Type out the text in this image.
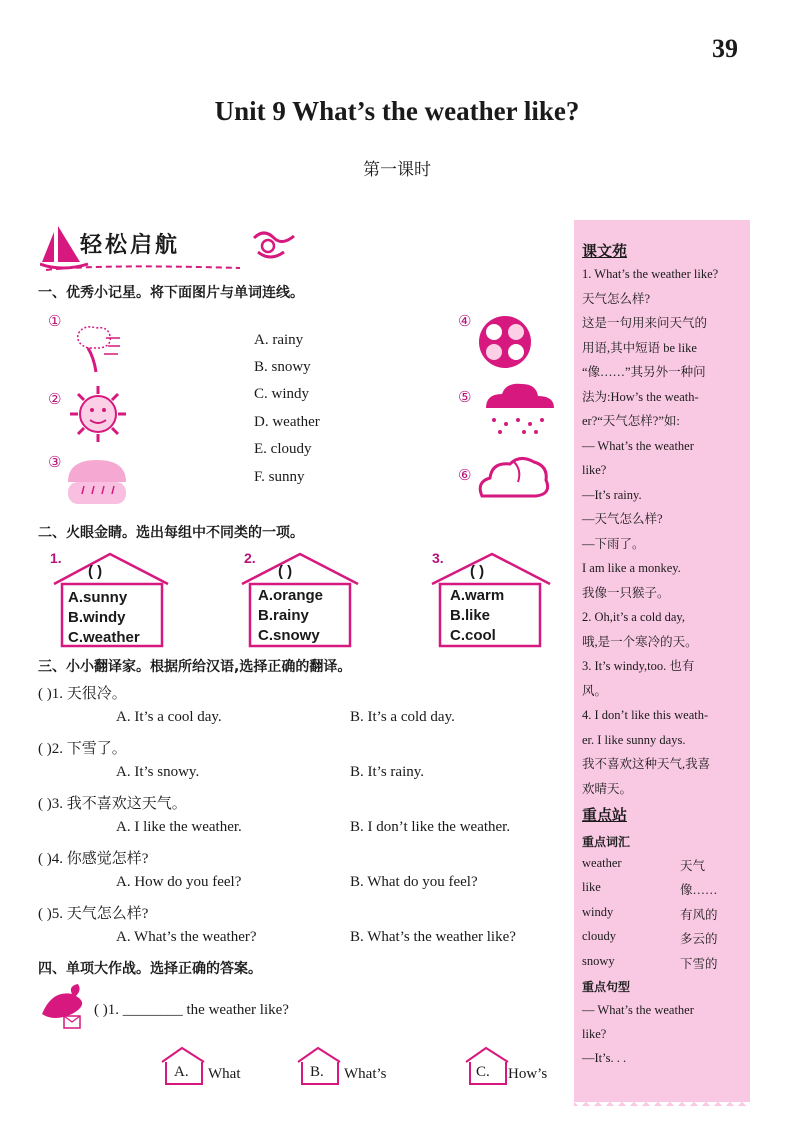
39
Unit 9 What’s the weather like?
第一课时
轻松启航
一、优秀小记星。将下面图片与单词连线。
①
②
③
④
⑤
⑥
A. rainy
B. snowy
C. windy
D. weather
E. cloudy
F. sunny
二、火眼金睛。选出每组中不同类的一项。
1.
( )
A.sunny
B.windy
C.weather
2.
( )
A.orange
B.rainy
C.snowy
3.
( )
A.warm
B.like
C.cool
三、小小翻译家。根据所给汉语,选择正确的翻译。
( )1. 天很冷。
A. It’s a cool day.	B. It’s a cold day.
( )2. 下雪了。
A. It’s snowy.	B. It’s rainy.
( )3. 我不喜欢这天气。
A. I like the weather.	B. I don’t like the weather.
( )4. 你感觉怎样?
A. How do you feel?	B. What do you feel?
( )5. 天气怎么样?
A. What’s the weather?	B. What’s the weather like?
四、单项大作战。选择正确的答案。
( )1. ________ the weather like?
A. What	B. What’s	C. How’s
课文苑
1. What’s the weather like?
天气怎么样?
这是一句用来问天气的
用语,其中短语 be like
“像……”其另外一种问
法为:How’s the weath-
er?“天气怎样?”如:
— What’s the weather
like?
—It’s rainy.
—天气怎么样?
—下雨了。
I am like a monkey.
我像一只猴子。
2. Oh,it’s a cold day,
哦,是一个寒冷的天。
3. It’s windy,too. 也有
风。
4. I don’t like this weath-
er. I like sunny days.
我不喜欢这种天气,我喜
欢晴天。
重点站
重点词汇
weather	天气
like	像……
windy	有风的
cloudy	多云的
snowy	下雪的
重点句型
— What’s the weather
like?
—It’s. . .
